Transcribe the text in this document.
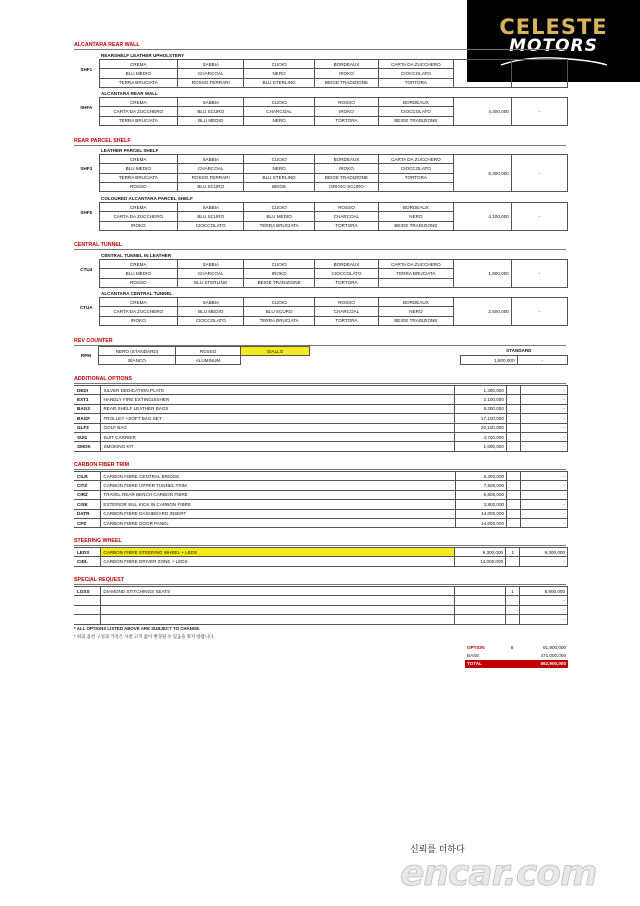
CELESTE
MOTORS
ALCANTARA REAR WALL
SHF1	REARSHELF LEATHER UPHOLSTERY						
	CREMA	SABBIA	CUOIO	BORDEAUX	CARTA DA ZUCCHERO		
	BLU MEDIO	CHARCOAL	NERO	IROKO	CIOCCOLATO		
	TERRA BRUCIATA	ROSSO FERRARI	BLU STERLING	BEIGE TRADIZIONE	TORTORA		
SHFA	ALCANTARA REAR WALL						
	CREMA	SABBIA	CUOIO	ROSSO	BORDEAUX	4,400,000	-
	CARTA DA ZUCCHERO	BLU SCURO	CHARCOAL	IROKO	CIOCCOLATO		
	TERRA BRUCIATA	BLU MEDIO	NERO	TORTORA	BEIGE TRADIZIONE		
REAR PARCEL SHELF
SHF3	LEATHER PARCEL SHELF						
	CREMA	SABBIA	CUOIO	BORDEAUX	CARTA DA ZUCCHERO	5,300,000	-
	BLU MEDIO	CHARCOAL	NERO	IROKO	CIOCCOLATO		
	TERRA BRUCIATA	ROSSO FERRARI	BLU STERLING	BEIGE TRADIZIONE	TORTORA		
	ROSSO	BLU SCURO	BEIGE	GRIGIO SCURO			
SHF5	COLOURED ALCANTARA PARCEL SHELF						
	CREMA	SABBIA	CUOIO	ROSSO	BORDEAUX	4,100,000	-
	CARTA DA ZUCCHERO	BLU SCURO	BLU MEDIO	CHARCOAL	NERO		
	IROKO	CIOCCOLATO	TERRA BRUCIATA	TORTORA	BEIGE TRADIZIONE		
CENTRAL TUNNEL
CTU4	CENTRAL TUNNEL IN LEATHER						
	CREMA	SABBIA	CUOIO	BORDEAUX	CARTA DA ZUCCHERO	1,900,000	-
	BLU MEDIO	CHARCOAL	IROKO	CIOCCOLATO	TERRA BRUCIATA		
	ROSSO	BLU STERLING	BEIGE TRADIZIONE	TORTORA			
CTUA	ALCANTARA CENTRAL TUNNEL						
	CREMA	SABBIA	CUOIO	ROSSO	BORDEAUX	2,500,000	-
	CARTA DA ZUCCHERO	BLU MEDIO	BLU SCURO	CHARCOAL	NERO		
	IROKO	CIOCCOLATO	TERRA BRUCIATA	TORTORA	BEIGE TRADIZIONE		
REV COUNTER
RPM	NERO (STANDARD)	ROSSO	GIALLO	STANDARD		
	BIANCO	ALUMINUM			1,800,000	-
ADDITIONAL OPTIONS
DEDI	SILVER DEDICATION PLATE	1,300,000		-
EXT1	HANDLY FIRE EXTINGUISHER	2,100,000		-
BAG3	REAR SHELF LEATHER BAGS	9,300,000		-
BAGF	TROLLEY +SOFT BAG SET	17,100,000		-
GLF3	GOLF BAG	20,100,000		-
SUI1	SUIT CARRIER	4,700,000		-
SMOK	SMOKING KIT	1,600,000		-
CARBON FIBER TRIM
CILR	CARBON FIBRE CENTRAL BRIDGE	5,300,000		-
CITZ	CARBON FIBRE UPPER TUNNEL TRIM	7,500,000		-
CIRZ	TRAVEL REAR BENCH CARBON FIBRE	5,600,000		-
CISK	EXTERIOR SILL KICK IN CARBON FIBRE	3,800,000		-
DATR	CARBON FIBRE DASHBOARD INSERT	14,000,000		-
CPZ	CARBON FIBRE DOOR PANEL	14,000,000		-
STEERING WHEEL
LEDS	CARBON FIBRE STEERING WHEEL + LEDS	9,300,000	1	9,300,000
CIDL	CARBON FIBRE DRIVER ZONE + LEDS	14,000,000		-
SPECIAL REQUEST
LOSS	DIAMOND STITCHINGS SEATS		1	8,900,000
				-
				-
				-
* ALL OPTIONS LISTED ABOVE ARE SUBJECT TO CHANGE.
* 위의 옵션 구성과 가격은 사전 고지 없이 변경될 수 있음을 명지 바랍니다.
OPTION	8	91,900,000
BASE		471,000,000
TOTAL		562,900,000
신뢰를 더하다
encar.com
